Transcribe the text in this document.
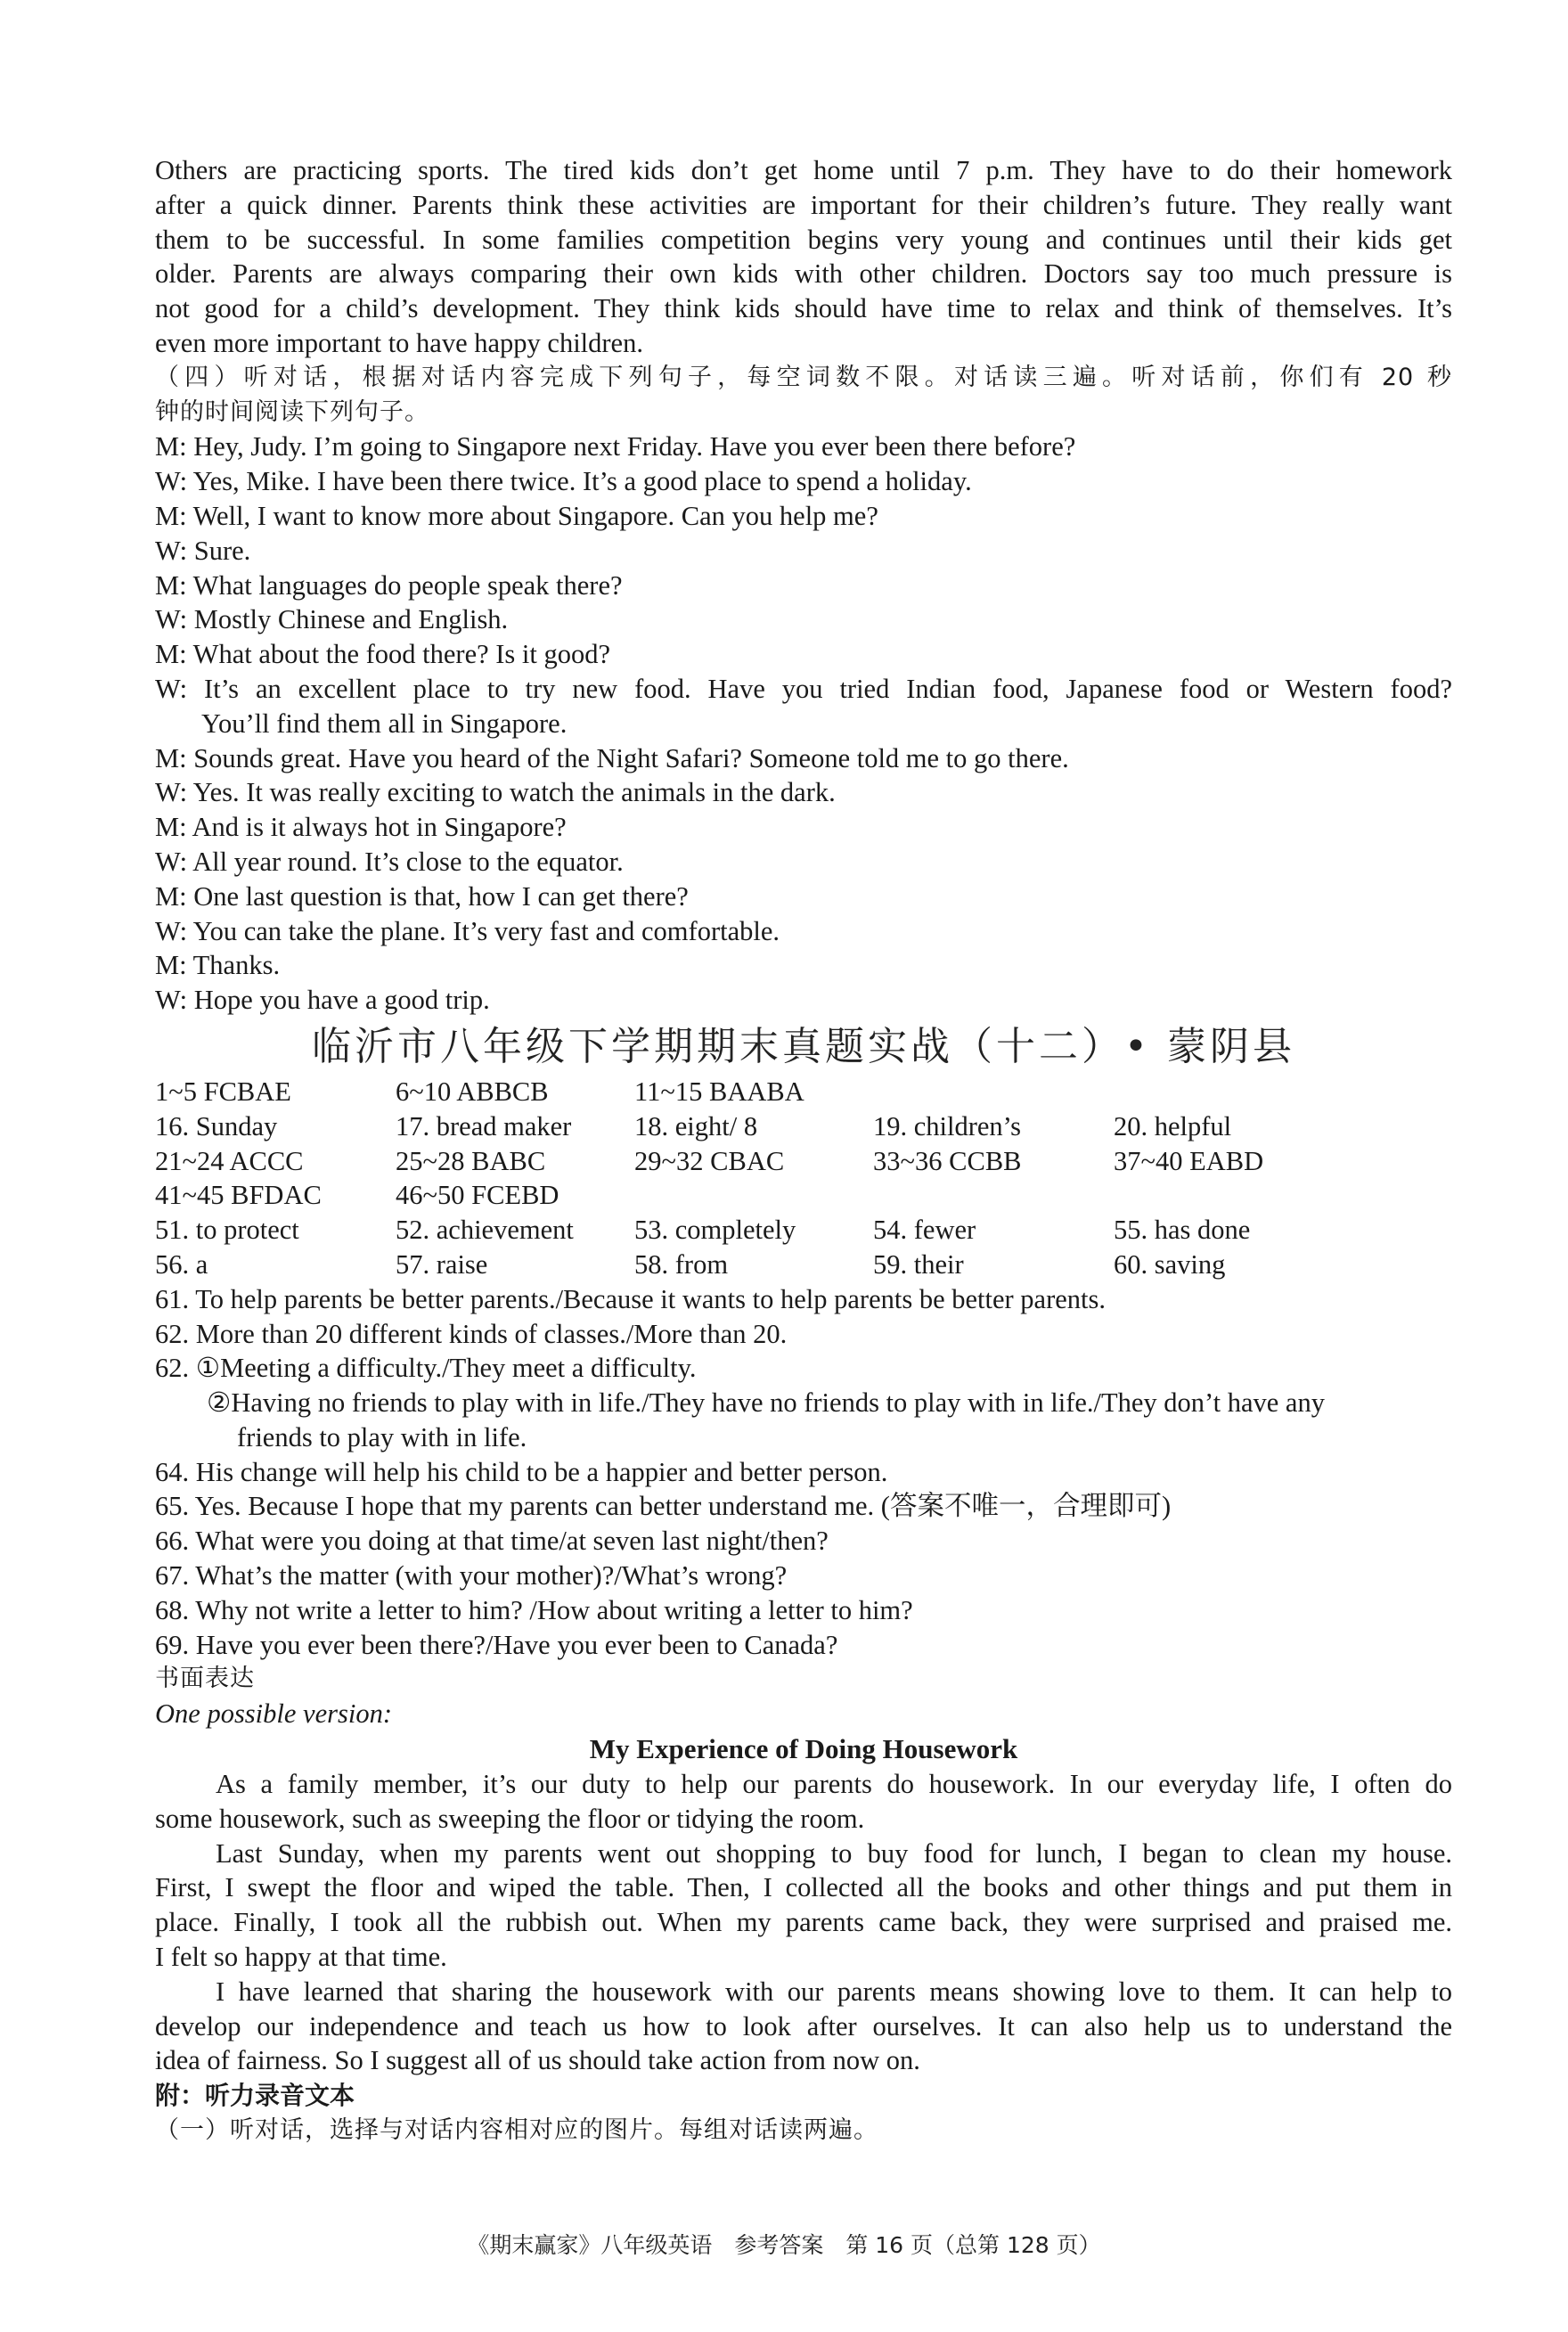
Others are practicing sports. The tired kids don’t get home until 7 p.m. They have to do their homework
after a quick dinner. Parents think these activities are important for their children’s future. They really want
them to be successful. In some families competition begins very young and continues until their kids get
older. Parents are always comparing their own kids with other children. Doctors say too much pressure is
not good for a child’s development. They think kids should have time to relax and think of themselves. It’s
even more important to have happy children.
（四）听对话，根据对话内容完成下列句子，每空词数不限。对话读三遍。听对话前，你们有 20 秒
钟的时间阅读下列句子。
M: Hey, Judy. I’m going to Singapore next Friday. Have you ever been there before?
W: Yes, Mike. I have been there twice. It’s a good place to spend a holiday.
M: Well, I want to know more about Singapore. Can you help me?
W: Sure.
M: What languages do people speak there?
W: Mostly Chinese and English.
M: What about the food there? Is it good?
W: It’s an excellent place to try new food. Have you tried Indian food, Japanese food or Western food?
You’ll find them all in Singapore.
M: Sounds great. Have you heard of the Night Safari? Someone told me to go there.
W: Yes. It was really exciting to watch the animals in the dark.
M: And is it always hot in Singapore?
W: All year round. It’s close to the equator.
M: One last question is that, how I can get there?
W: You can take the plane. It’s very fast and comfortable.
M: Thanks.
W: Hope you have a good trip.
临沂市八年级下学期期末真题实战（十二）• 蒙阴县
1~5 FCBAE	6~10 ABBCB	11~15 BAABA
16. Sunday	17. bread maker	18. eight/ 8	19. children’s	20. helpful
21~24 ACCC	25~28 BABC	29~32 CBAC	33~36 CCBB	37~40 EABD
41~45 BFDAC	46~50 FCEBD
51. to protect	52. achievement	53. completely	54. fewer	55. has done
56. a	57. raise	58. from	59. their	60. saving
61. To help parents be better parents./Because it wants to help parents be better parents.
62. More than 20 different kinds of classes./More than 20.
62. ①Meeting a difficulty./They meet a difficulty.
②Having no friends to play with in life./They have no friends to play with in life./They don’t have any
friends to play with in life.
64. His change will help his child to be a happier and better person.
65. Yes. Because I hope that my parents can better understand me. (答案不唯一，合理即可)
66. What were you doing at that time/at seven last night/then?
67. What’s the matter (with your mother)?/What’s wrong?
68. Why not write a letter to him? /How about writing a letter to him?
69. Have you ever been there?/Have you ever been to Canada?
书面表达
One possible version:
My Experience of Doing Housework
As a family member, it’s our duty to help our parents do housework. In our everyday life, I often do
some housework, such as sweeping the floor or tidying the room.
Last Sunday, when my parents went out shopping to buy food for lunch, I began to clean my house.
First, I swept the floor and wiped the table. Then, I collected all the books and other things and put them in
place. Finally, I took all the rubbish out. When my parents came back, they were surprised and praised me.
I felt so happy at that time.
I have learned that sharing the housework with our parents means showing love to them. It can help to
develop our independence and teach us how to look after ourselves. It can also help us to understand the
idea of fairness. So I suggest all of us should take action from now on.
附：听力录音文本
（一）听对话，选择与对话内容相对应的图片。每组对话读两遍。
《期末赢家》八年级英语　参考答案　第 16 页（总第 128 页）
